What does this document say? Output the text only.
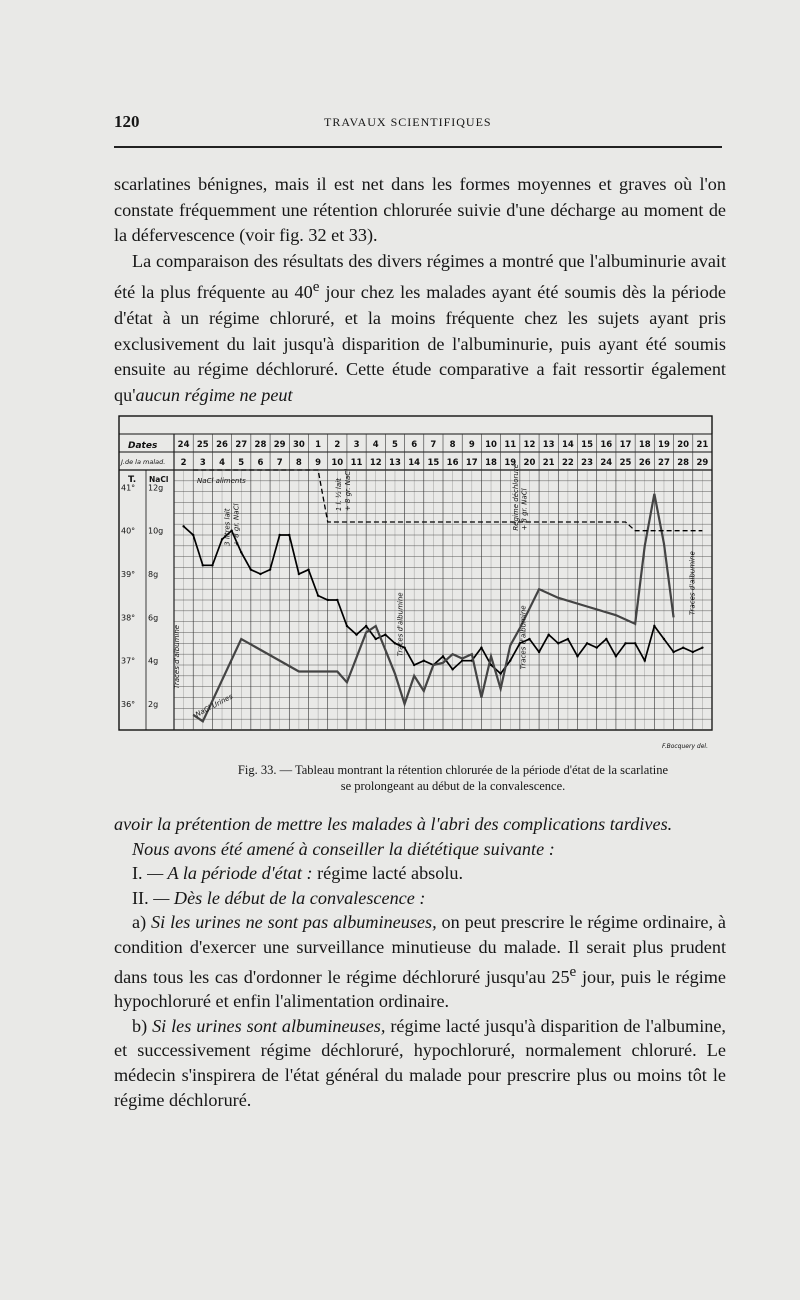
120	TRAVAUX SCIENTIFIQUES

scarlatines bénignes, mais il est net dans les formes moyennes et graves où l'on constate fréquemment une rétention chlorurée suivie d'une décharge au moment de la défervescence (voir fig. 32 et 33).

La comparaison des résultats des divers régimes a montré que l'albuminurie avait été la plus fréquente au 40e jour chez les malades ayant été soumis dès la période d'état à un régime chloruré, et la moins fréquente chez les sujets ayant pris exclusivement du lait jusqu'à disparition de l'albuminurie, puis ayant été soumis ensuite au régime déchloruré. Cette étude comparative a fait ressortir également qu'aucun régime ne peut

Dates
J.de la malad.
T. NaCl
24 25 26 27 28 29 30 1 2 3 4 5 6 7 8 9 10 11 12 13 14 15 16 17 18 19 20 21
2 3 4 5 6 7 8 9 10 11 12 13 14 15 16 17 18 19 20 21 22 23 24 25 26 27 28 29
41°
40°
39°
38°
37°
36°
12g
10g
8g
6g
4g
2g
NaCl aliments
NaCl Urines
3 litres lait + 8 gr. NaCl
1 l. ½ lait + 8 gr. NaCl	Régime déchloruré + 8 gr. NaCl
Traces d'albumine
Traces d'albumine	Traces d'albumine
Traces d'albumine
F.Bocquery del.
Fig. 33. — Tableau montrant la rétention chlorurée de la période d'état de la scarlatine
se prolongeant au début de la convalescence.

avoir la prétention de mettre les malades à l'abri des complications tardives.

Nous avons été amené à conseiller la diététique suivante :

I. — A la période d'état : régime lacté absolu.

II. — Dès le début de la convalescence :

a) Si les urines ne sont pas albumineuses, on peut prescrire le régime ordinaire, à condition d'exercer une surveillance minutieuse du malade. Il serait plus prudent dans tous les cas d'ordonner le régime déchloruré jusqu'au 25e jour, puis le régime hypochloruré et enfin l'alimentation ordinaire.

b) Si les urines sont albumineuses, régime lacté jusqu'à disparition de l'albumine, et successivement régime déchloruré, hypochloruré, normalement chloruré. Le médecin s'inspirera de l'état général du malade pour prescrire plus ou moins tôt le régime déchloruré.
